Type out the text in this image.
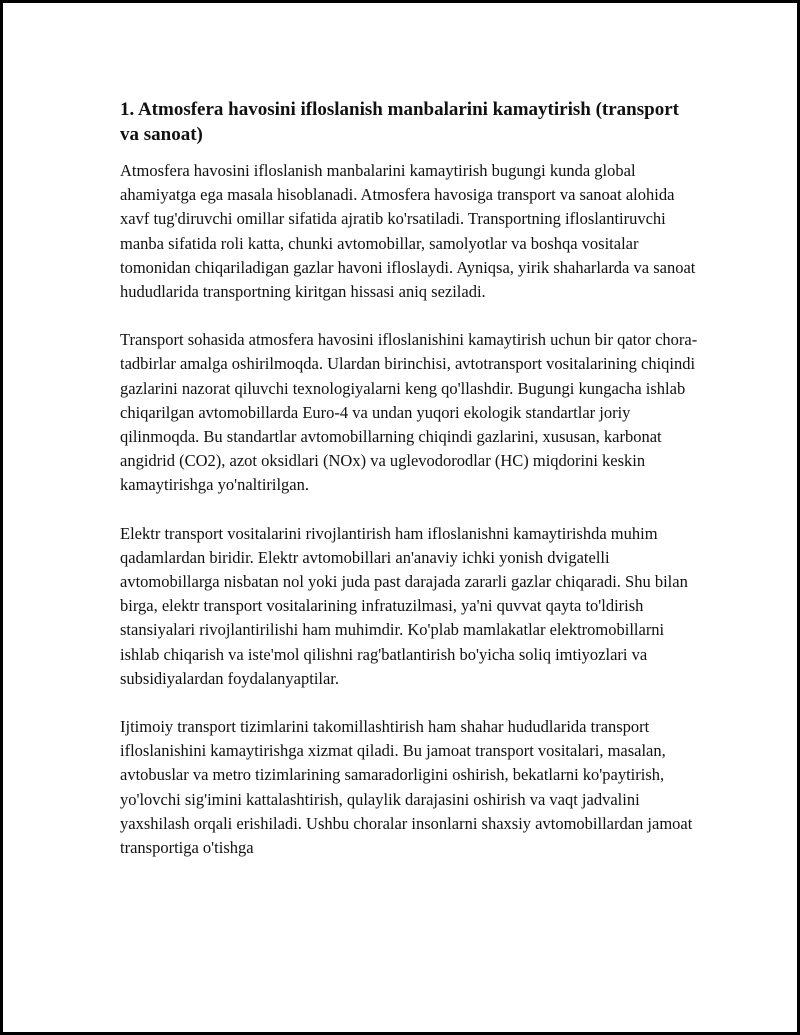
1. Atmosfera havosini ifloslanish manbalarini kamaytirish (transport va sanoat)

Atmosfera havosini ifloslanish manbalarini kamaytirish bugungi kunda global ahamiyatga ega masala hisoblanadi. Atmosfera havosiga transport va sanoat alohida xavf tug'diruvchi omillar sifatida ajratib ko'rsatiladi. Transportning ifloslantiruvchi manba sifatida roli katta, chunki avtomobillar, samolyotlar va boshqa vositalar tomonidan chiqariladigan gazlar havoni ifloslaydi. Ayniqsa, yirik shaharlarda va sanoat hududlarida transportning kiritgan hissasi aniq seziladi.

Transport sohasida atmosfera havosini ifloslanishini kamaytirish uchun bir qator chora-tadbirlar amalga oshirilmoqda. Ulardan birinchisi, avtotransport vositalarining chiqindi gazlarini nazorat qiluvchi texnologiyalarni keng qo'llashdir. Bugungi kungacha ishlab chiqarilgan avtomobillarda Euro-4 va undan yuqori ekologik standartlar joriy qilinmoqda. Bu standartlar avtomobillarning chiqindi gazlarini, xususan, karbonat angidrid (CO2), azot oksidlari (NOx) va uglevodorodlar (HC) miqdorini keskin kamaytirishga yo'naltirilgan.

Elektr transport vositalarini rivojlantirish ham ifloslanishni kamaytirishda muhim qadamlardan biridir. Elektr avtomobillari an'anaviy ichki yonish dvigatelli avtomobillarga nisbatan nol yoki juda past darajada zararli gazlar chiqaradi. Shu bilan birga, elektr transport vositalarining infratuzilmasi, ya'ni quvvat qayta to'ldirish stansiyalari rivojlantirilishi ham muhimdir. Ko'plab mamlakatlar elektromobillarni ishlab chiqarish va iste'mol qilishni rag'batlantirish bo'yicha soliq imtiyozlari va subsidiyalardan foydalanyaptilar.

Ijtimoiy transport tizimlarini takomillashtirish ham shahar hududlarida transport ifloslanishini kamaytirishga xizmat qiladi. Bu jamoat transport vositalari, masalan, avtobuslar va metro tizimlarining samaradorligini oshirish, bekatlarni ko'paytirish, yo'lovchi sig'imini kattalashtirish, qulaylik darajasini oshirish va vaqt jadvalini yaxshilash orqali erishiladi. Ushbu choralar insonlarni shaxsiy avtomobillardan jamoat transportiga o'tishga
